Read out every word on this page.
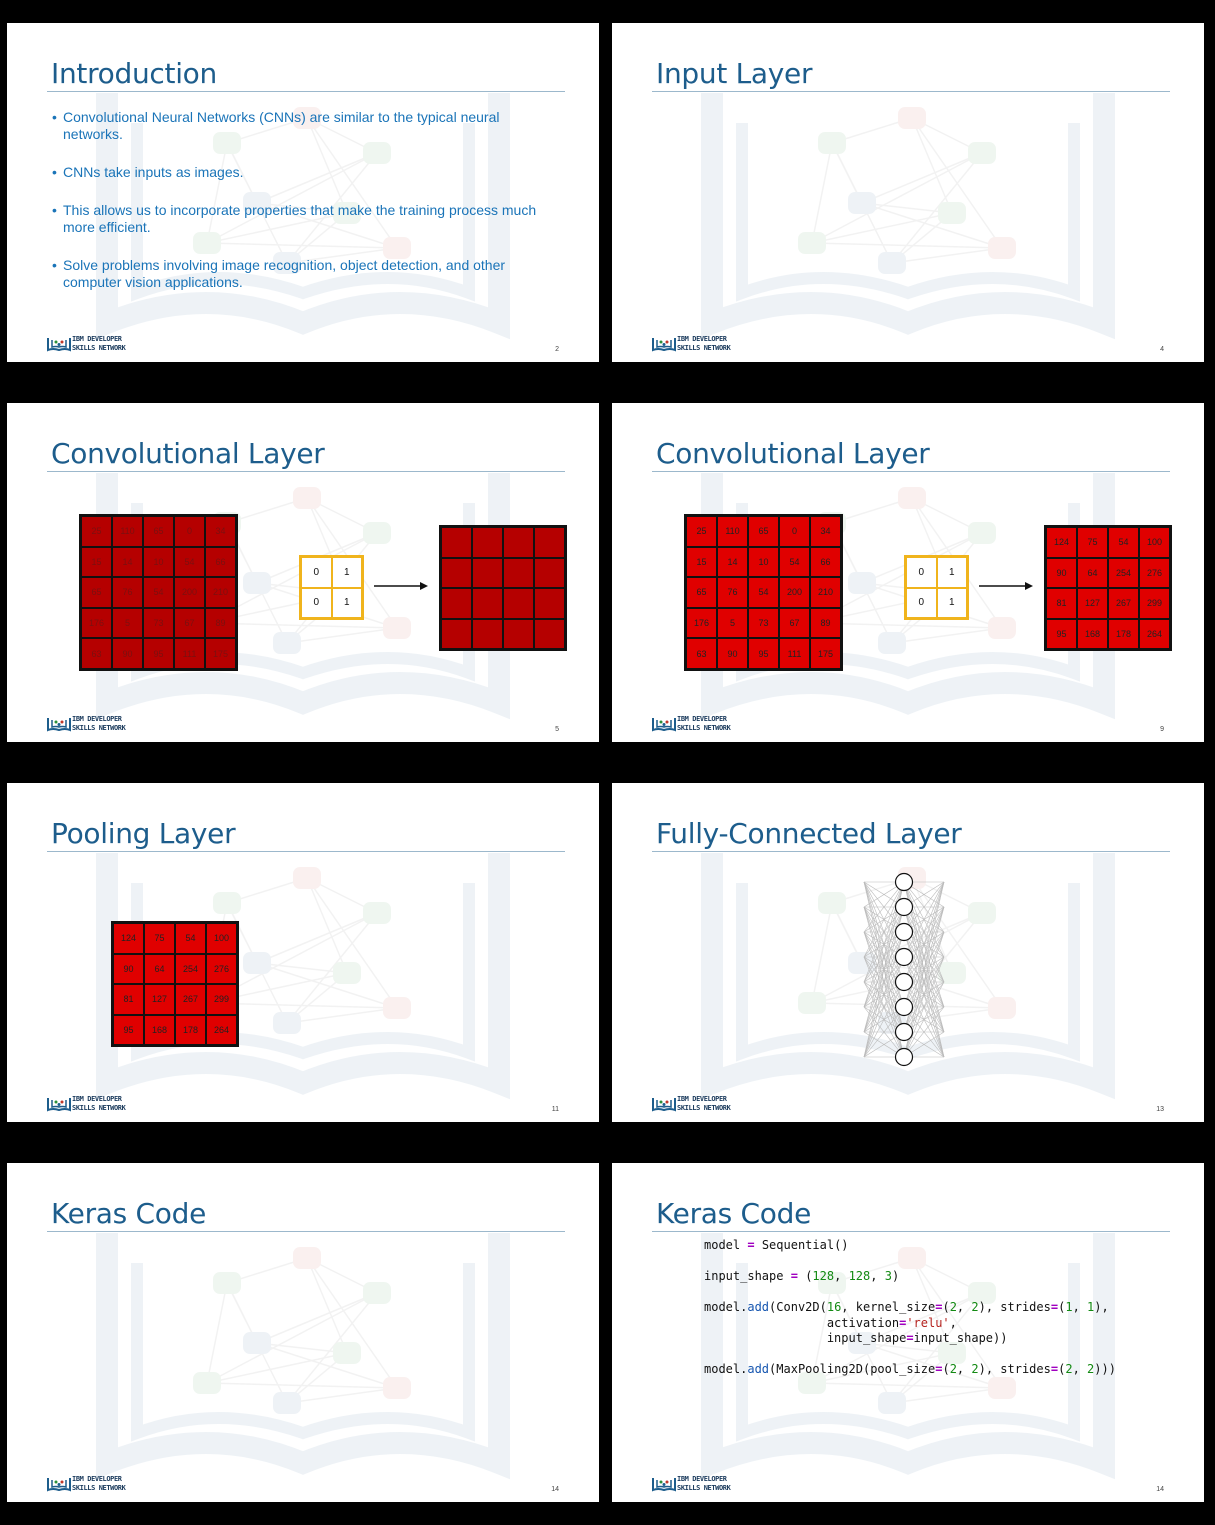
Introduction
• Convolutional Neural Networks (CNNs) are similar to the typical neural networks.
• CNNs take inputs as images.
• This allows us to incorporate properties that make the training process much more efficient.
• Solve problems involving image recognition, object detection, and other computer vision applications.
IBM DEVELOPER
SKILLS NETWORK	2
Input Layer
IBM DEVELOPER
SKILLS NETWORK	4
Convolutional Layer
25	110	65	0	34
15	14	10	54	66
65	76	54	200	210
176	5	73	67	89
63	90	95	111	175
0	1
0	1
IBM DEVELOPER
SKILLS NETWORK	5
Convolutional Layer
25	110	65	0	34
15	14	10	54	66
65	76	54	200	210
176	5	73	67	89
63	90	95	111	175
0	1
0	1
124	75	54	100
90	64	254	276
81	127	267	299
95	168	178	264
IBM DEVELOPER
SKILLS NETWORK	9
Pooling Layer
124	75	54	100
90	64	254	276
81	127	267	299
95	168	178	264
IBM DEVELOPER
SKILLS NETWORK	11
Fully-Connected Layer
IBM DEVELOPER
SKILLS NETWORK	13
Keras Code
IBM DEVELOPER
SKILLS NETWORK	14
Keras Code
model = Sequential()

input_shape = (128, 128, 3)

model.add(Conv2D(16, kernel_size=(2, 2), strides=(1, 1),
activation='relu',
input_shape=input_shape))

model.add(MaxPooling2D(pool_size=(2, 2), strides=(2, 2)))
IBM DEVELOPER
SKILLS NETWORK	14
